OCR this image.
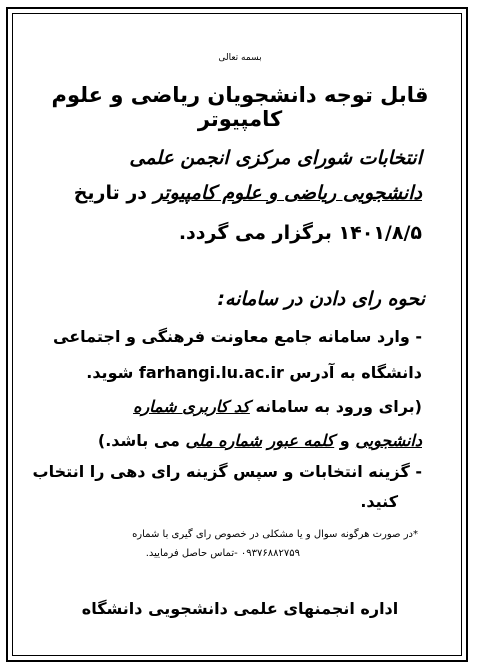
بسمه تعالی
قابل توجه دانشجویان ریاضی و علوم کامپیوتر
انتخابات شورای مرکزی انجمن علمی
دانشجویی ریاضی و علوم کامپیوتر در تاریخ
۱۴۰۱/۸/۵ برگزار می گردد.
نحوه رای دادن در سامانه:
- وارد سامانه جامع معاونت فرهنگی و اجتماعی
دانشگاه به آدرس farhangi.lu.ac.ir شوید.
(برای ورود به سامانه کد کاربری شماره
دانشجویی و کلمه عبور شماره ملی می باشد.)
- گزینه انتخابات و سپس گزینه رای دهی را انتخاب
کنید.
*در صورت هرگونه سوال و یا مشکلی در خصوص رای گیری با شماره
۰۹۳۷۶۸۸۲۷۵۹ -تماس حاصل فرمایید.
اداره انجمنهای علمی دانشجویی دانشگاه
